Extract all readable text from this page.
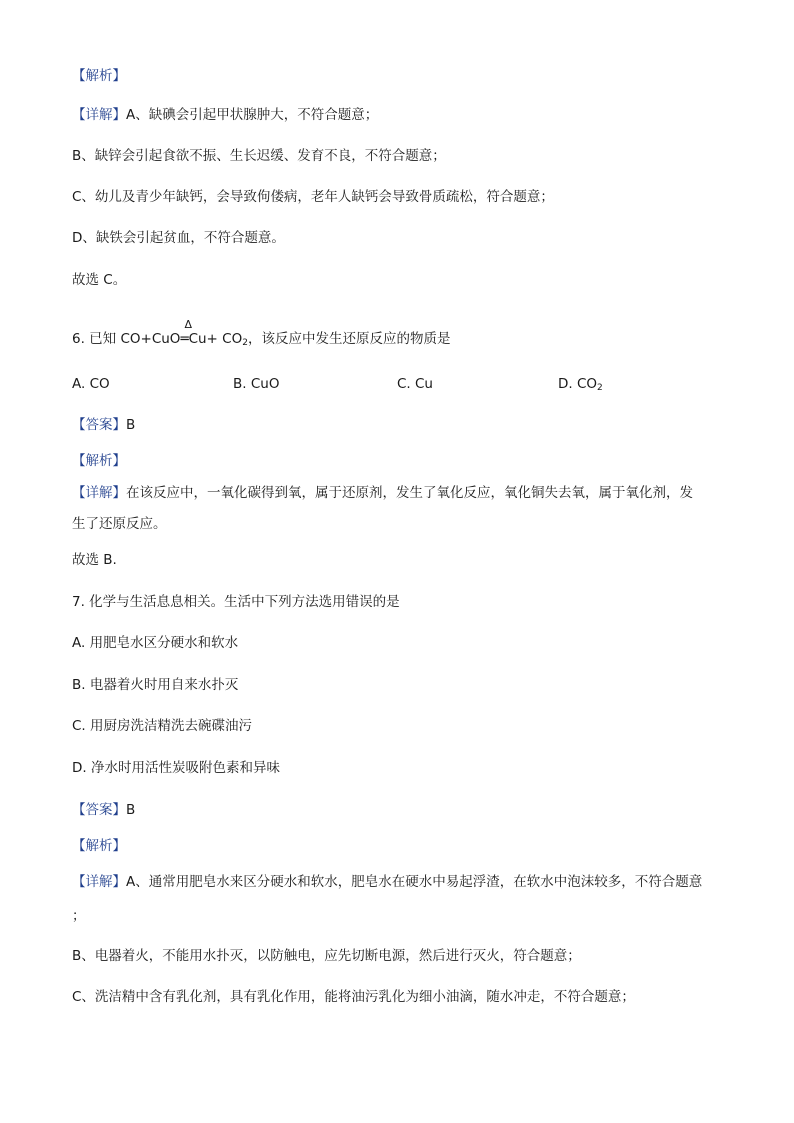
【解析】
【详解】A、缺碘会引起甲状腺肿大，不符合题意；
B、缺锌会引起食欲不振、生长迟缓、发育不良，不符合题意；
C、幼儿及青少年缺钙，会导致佝偻病，老年人缺钙会导致骨质疏松，符合题意；
D、缺铁会引起贫血，不符合题意。
故选 C。
6. 已知 CO+CuO
Δ
═Cu+ $CO_2$，该反应中发生还原反应的物质是
A. CO	B. CuO	C. Cu	D. $CO_2$
【答案】B
【解析】
【详解】在该反应中，一氧化碳得到氧，属于还原剂，发生了氧化反应，氧化铜失去氧，属于氧化剂，发
生了还原反应。
故选 B.
7. 化学与生活息息相关。生活中下列方法选用错误的是
A. 用肥皂水区分硬水和软水
B. 电器着火时用自来水扑灭
C. 用厨房洗洁精洗去碗碟油污
D. 净水时用活性炭吸附色素和异味
【答案】B
【解析】
【详解】A、通常用肥皂水来区分硬水和软水，肥皂水在硬水中易起浮渣，在软水中泡沫较多，不符合题意
；
B、电器着火，不能用水扑灭，以防触电，应先切断电源，然后进行灭火，符合题意；
C、洗洁精中含有乳化剂，具有乳化作用，能将油污乳化为细小油滴，随水冲走，不符合题意；
